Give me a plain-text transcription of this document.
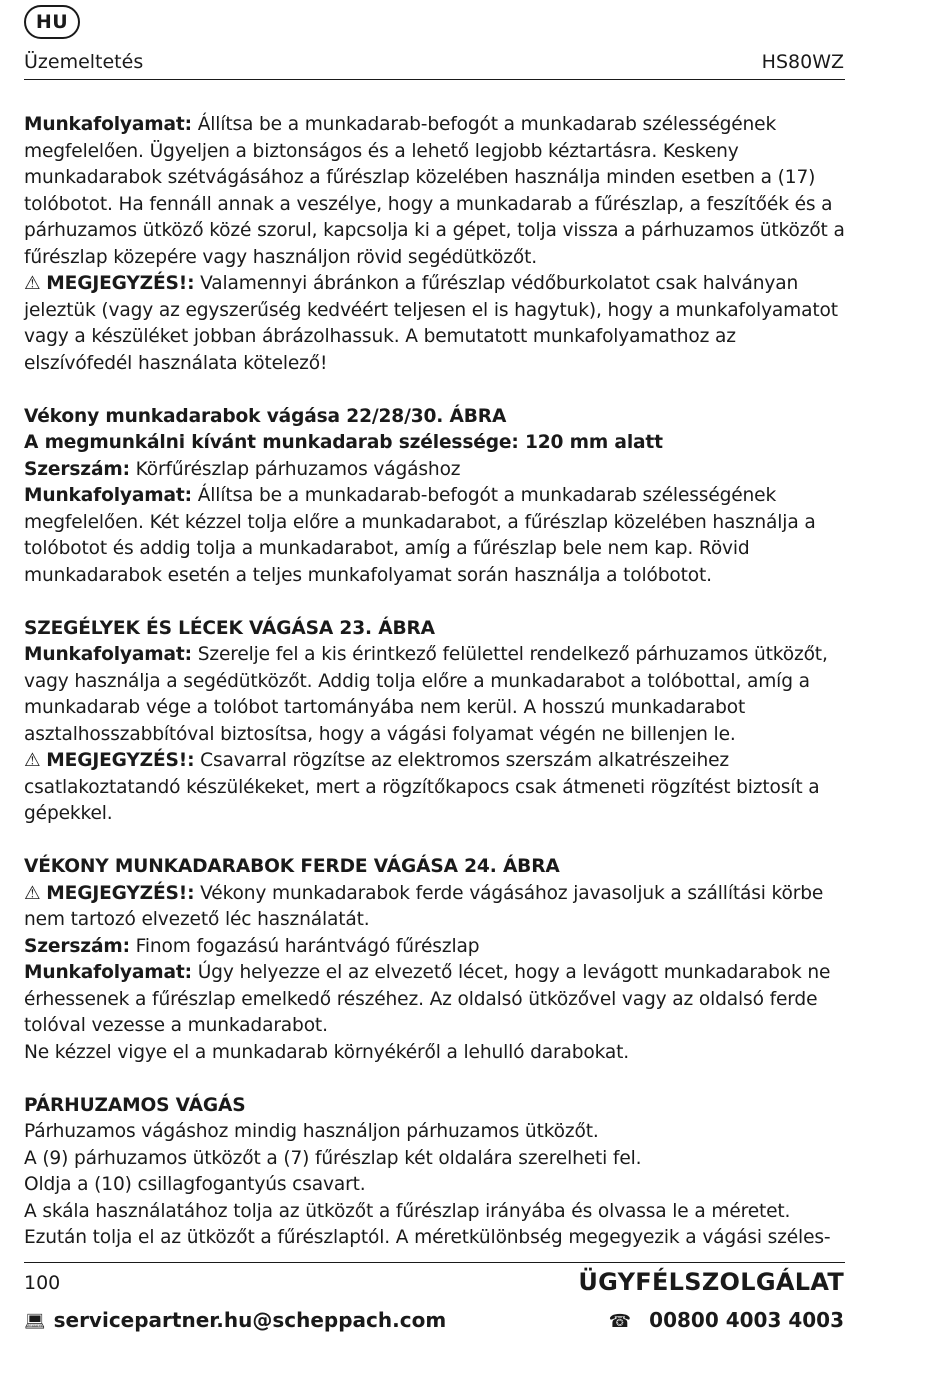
HU
Üzemeltetés	HS80WZ

Munkafolyamat: Állítsa be a munkadarab-befogót a munkadarab szélességének megfelelően. Ügyeljen a biztonságos és a lehető legjobb kéztartásra. Keskeny munkadarabok szétvágásához a fűrészlap közelében használja minden esetben a (17) tolóbotot. Ha fennáll annak a veszélye, hogy a munkadarab a fűrészlap, a feszítőék és a párhuzamos ütköző közé szorul, kapcsolja ki a gépet, tolja vissza a párhuzamos ütközőt a fűrészlap közepére vagy használjon rövid segédütközőt.

⚠ MEGJEGYZÉS!: Valamennyi ábránkon a fűrészlap védőburkolatot csak halványan jeleztük (vagy az egyszerűség kedvéért teljesen el is hagytuk), hogy a munkafolyamatot vagy a készüléket jobban ábrázolhassuk. A bemutatott munkafolyamathoz az elszívófedél használata kötelező!

Vékony munkadarabok vágása 22/28/30. ÁBRA

A megmunkálni kívánt munkadarab szélessége: 120 mm alatt

Szerszám: Körfűrészlap párhuzamos vágáshoz

Munkafolyamat: Állítsa be a munkadarab-befogót a munkadarab szélességének megfelelően. Két kézzel tolja előre a munkadarabot, a fűrészlap közelében használja a tolóbotot és addig tolja a munkadarabot, amíg a fűrészlap bele nem kap. Rövid munkadarabok esetén a teljes munkafolyamat során használja a tolóbotot.

SZEGÉLYEK ÉS LÉCEK VÁGÁSA 23. ÁBRA

Munkafolyamat: Szerelje fel a kis érintkező felülettel rendelkező párhuzamos ütközőt, vagy használja a segédütközőt. Addig tolja előre a munkadarabot a tolóbottal, amíg a munkadarab vége a tolóbot tartományába nem kerül. A hosszú munkadarabot asztalhosszabbítóval biztosítsa, hogy a vágási folyamat végén ne billenjen le.

⚠ MEGJEGYZÉS!: Csavarral rögzítse az elektromos szerszám alkatrészeihez csatlakoztatandó készülékeket, mert a rögzítőkapocs csak átmeneti rögzítést biztosít a gépekkel.

VÉKONY MUNKADARABOK FERDE VÁGÁSA 24. ÁBRA

⚠ MEGJEGYZÉS!: Vékony munkadarabok ferde vágásához javasoljuk a szállítási körbe nem tartozó elvezető léc használatát.

Szerszám: Finom fogazású harántvágó fűrészlap

Munkafolyamat: Úgy helyezze el az elvezető lécet, hogy a levágott munkadarabok ne érhessenek a fűrészlap emelkedő részéhez. Az oldalsó ütközővel vagy az oldalsó ferde tolóval vezesse a munkadarabot.

Ne kézzel vigye el a munkadarab környékéről a lehulló darabokat.

PÁRHUZAMOS VÁGÁS

Párhuzamos vágáshoz mindig használjon párhuzamos ütközőt.

A (9) párhuzamos ütközőt a (7) fűrészlap két oldalára szerelheti fel.

Oldja a (10) csillagfogantyús csavart.

A skála használatához tolja az ütközőt a fűrészlap irányába és olvassa le a méretet.

Ezután tolja el az ütközőt a fűrészlaptól. A méretkülönbség megegyezik a vágási széles-

100	ÜGYFÉLSZOLGÁLAT
💻︎ servicepartner.hu@scheppach.com	☎ 00800 4003 4003
